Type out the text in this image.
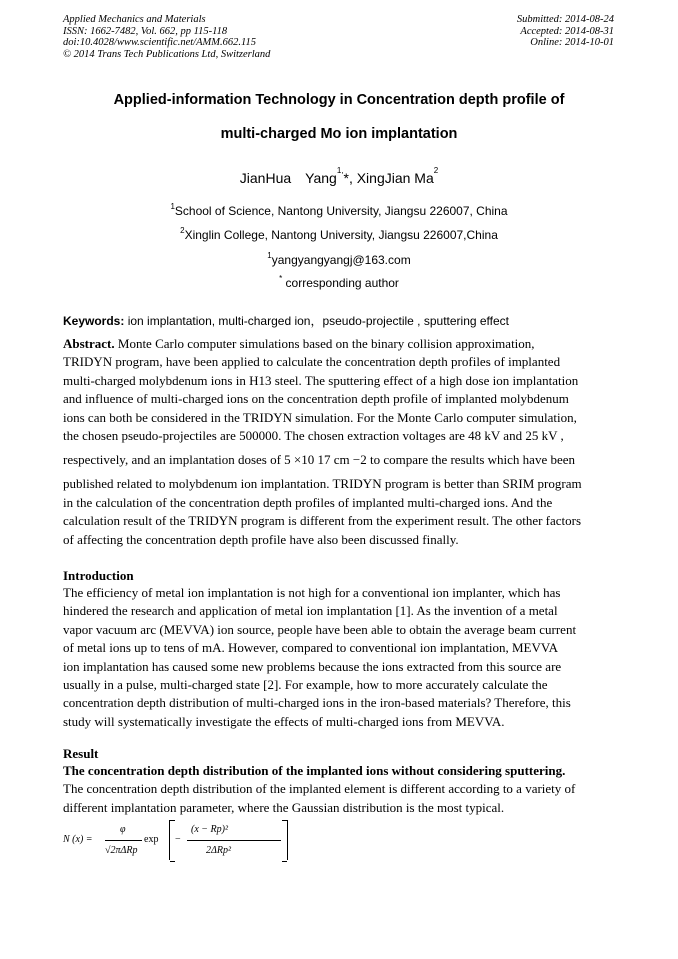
Applied Mechanics and Materials
ISSN: 1662-7482, Vol. 662, pp 115-118
doi:10.4028/www.scientific.net/AMM.662.115
© 2014 Trans Tech Publications Ltd, Switzerland
Submitted: 2014-08-24
Accepted: 2014-08-31
Online: 2014-10-01
Applied-information Technology in Concentration depth profile of
multi-charged Mo ion implantation
JianHua　Yang$^{1,}$*, XingJian Ma$^2$
$^1$School of Science, Nantong University, Jiangsu 226007, China
$^2$Xinglin College, Nantong University, Jiangsu 226007,China
$^1$yangyangyangj@163.com
* corresponding author
Keywords: ion implantation, multi-charged ion，pseudo-projectile , sputtering effect
Abstract. Monte Carlo computer simulations based on the binary collision approximation,
TRIDYN program, have been applied to calculate the concentration depth profiles of implanted
multi-charged molybdenum ions in H13 steel. The sputtering effect of a high dose ion implantation
and influence of multi-charged ions on the concentration depth profile of implanted molybdenum
ions can both be considered in the TRIDYN simulation. For the Monte Carlo computer simulation,
the chosen pseudo-projectiles are 500000. The chosen extraction voltages are 48 kV and 25 kV ,
respectively, and an implantation doses of 5 ×10 17 cm −2 to compare the results which have been
published related to molybdenum ion implantation. TRIDYN program is better than SRIM program
in the calculation of the concentration depth profiles of implanted multi-charged ions. And the
calculation result of the TRIDYN program is different from the experiment result. The other factors
of affecting the concentration depth profile have also been discussed finally.
Introduction
The efficiency of metal ion implantation is not high for a conventional ion implanter, which has
hindered the research and application of metal ion implantation [1]. As the invention of a metal
vapor vacuum arc (MEVVA) ion source, people have been able to obtain the average beam current
of metal ions up to tens of mA. However, compared to conventional ion implantation, MEVVA
ion implantation has caused some new problems because the ions extracted from this source are
usually in a pulse, multi-charged state [2]. For example, how to more accurately calculate the
concentration depth distribution of multi-charged ions in the iron-based materials? Therefore, this
study will systematically investigate the effects of multi-charged ions from MEVVA.
Result
The concentration depth distribution of the implanted ions without considering sputtering.
The concentration depth distribution of the implanted element is different according to a variety of
different implantation parameter, where the Gaussian distribution is the most typical.
N (x) =
φ
√2πΔRp
exp −
(x − Rp)²
2ΔRp²
